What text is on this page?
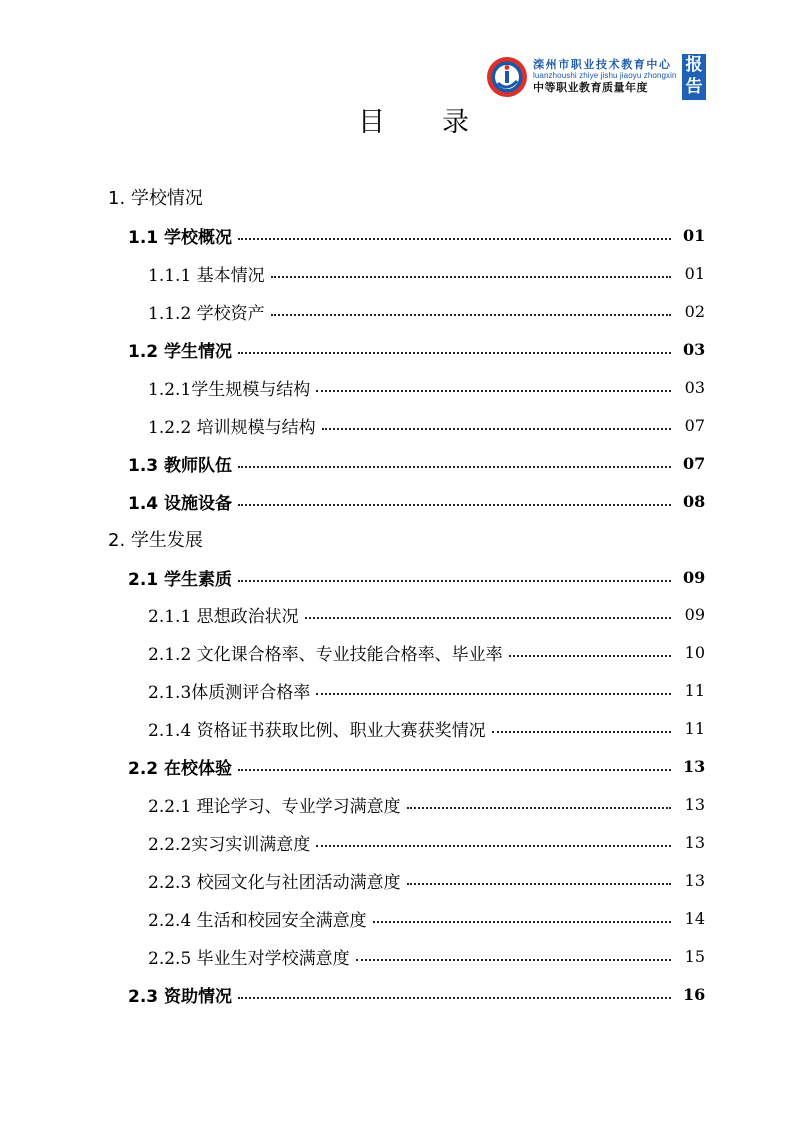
滦州市职业技术教育中心
luanzhoushi zhiye jishu jiaoyu zhongxin
中等职业教育质量年度
报
告
目 录
1. 学校情况
1.1 学校概况	01
1.1.1 基本情况	01
1.1.2 学校资产	02
1.2 学生情况	03
1.2.1学生规模与结构	03
1.2.2 培训规模与结构	07
1.3 教师队伍	07
1.4 设施设备	08
2. 学生发展
2.1 学生素质	09
2.1.1 思想政治状况	09
2.1.2 文化课合格率、专业技能合格率、毕业率	10
2.1.3体质测评合格率	11
2.1.4 资格证书获取比例、职业大赛获奖情况	11
2.2 在校体验	13
2.2.1 理论学习、专业学习满意度	13
2.2.2实习实训满意度	13
2.2.3 校园文化与社团活动满意度	13
2.2.4 生活和校园安全满意度	14
2.2.5 毕业生对学校满意度	15
2.3 资助情况	16
